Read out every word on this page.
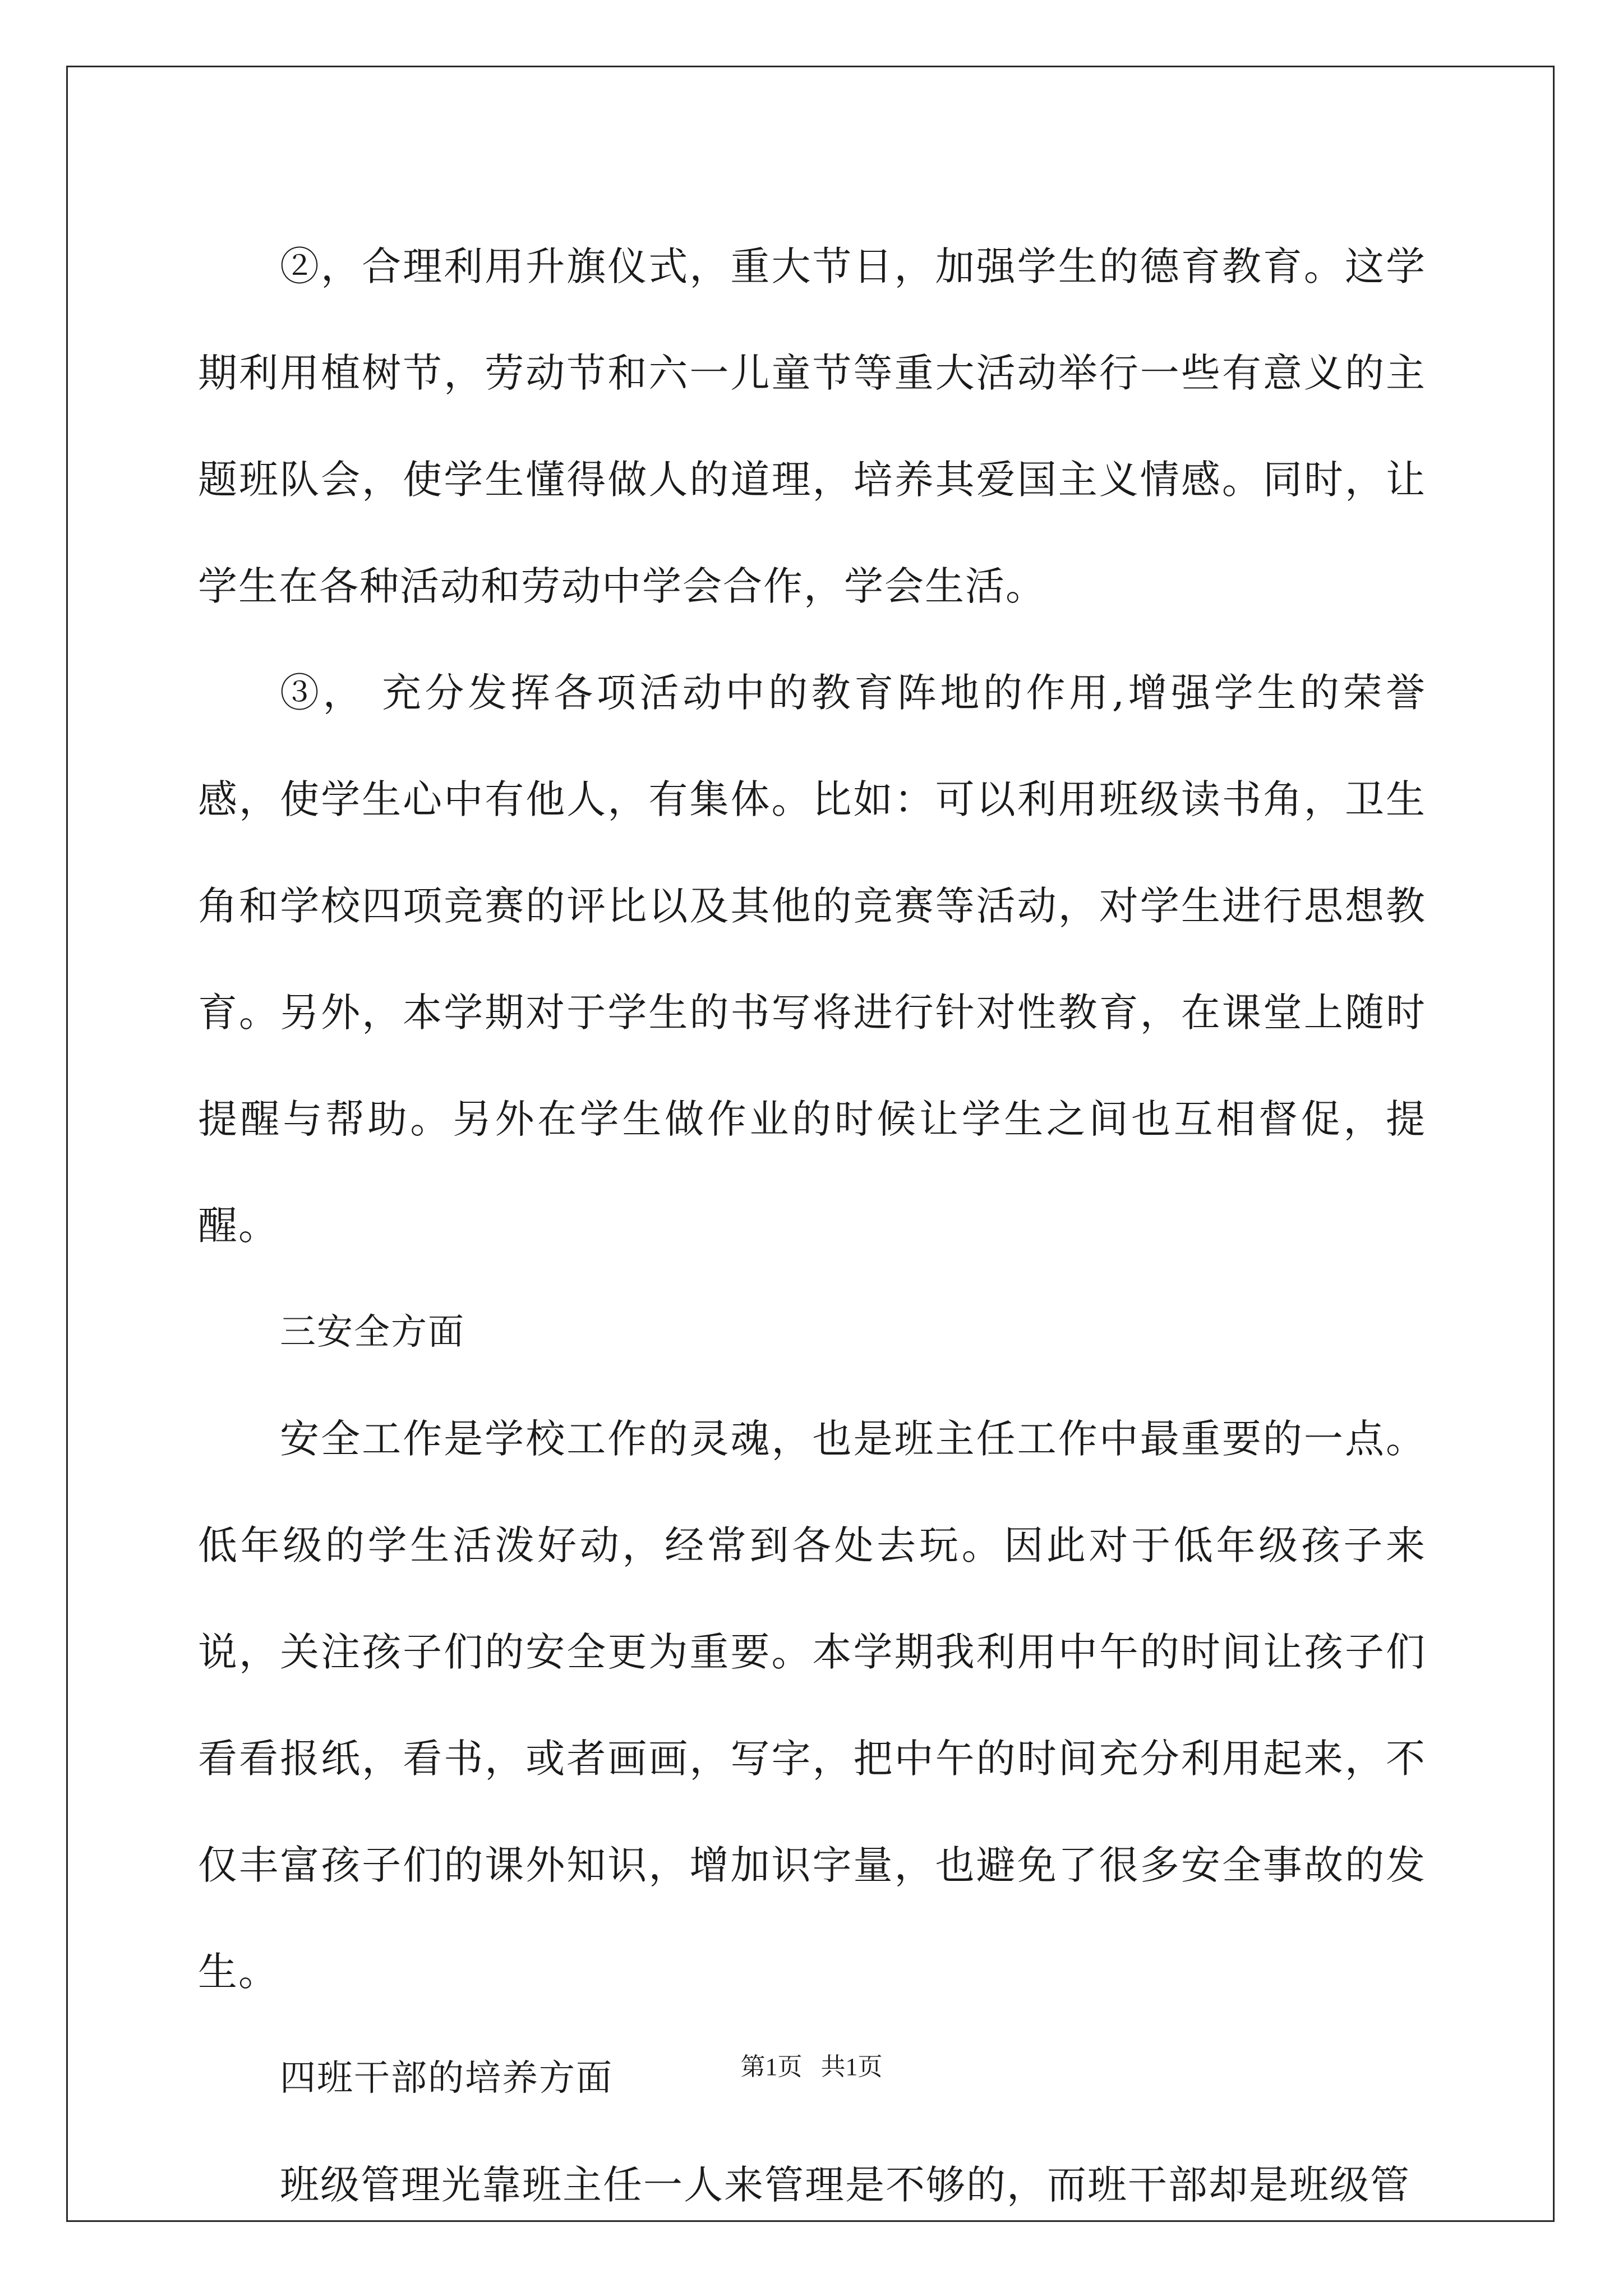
②，合理利用升旗仪式，重大节日，加强学生的德育教育。这学期利用植树节，劳动节和六一儿童节等重大活动举行一些有意义的主题班队会，使学生懂得做人的道理，培养其爱国主义情感。同时，让学生在各种活动和劳动中学会合作，学会生活。

③， 充分发挥各项活动中的教育阵地的作用,增强学生的荣誉感，使学生心中有他人，有集体。比如：可以利用班级读书角，卫生角和学校四项竞赛的评比以及其他的竞赛等活动，对学生进行思想教育。另外，本学期对于学生的书写将进行针对性教育，在课堂上随时提醒与帮助。另外在学生做作业的时候让学生之间也互相督促，提醒。

三安全方面

安全工作是学校工作的灵魂，也是班主任工作中最重要的一点。低年级的学生活泼好动，经常到各处去玩。因此对于低年级孩子来说，关注孩子们的安全更为重要。本学期我利用中午的时间让孩子们看看报纸，看书，或者画画，写字，把中午的时间充分利用起来，不仅丰富孩子们的课外知识，增加识字量，也避免了很多安全事故的发生。

四班干部的培养方面

班级管理光靠班主任一人来管理是不够的，而班干部却是班级管

第1页 共1页
